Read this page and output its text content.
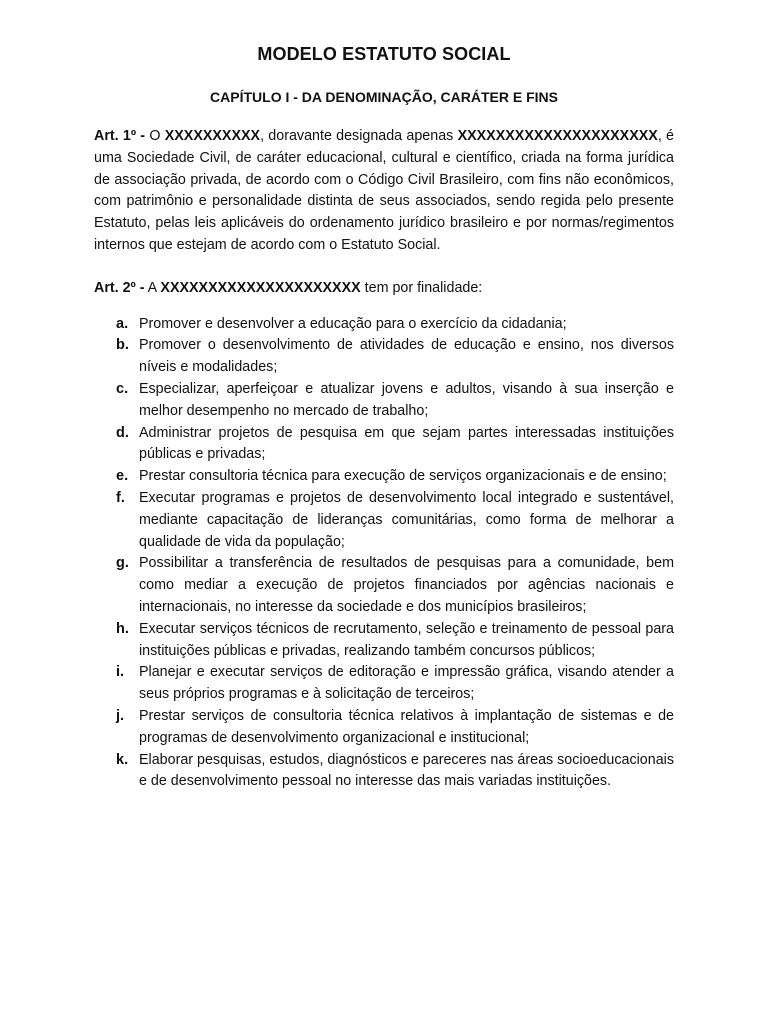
MODELO ESTATUTO SOCIAL
CAPÍTULO I - DA DENOMINAÇÃO, CARÁTER E FINS

Art. 1º - O XXXXXXXXXX, doravante designada apenas XXXXXXXXXXXXXXXXXXXXX, é uma Sociedade Civil, de caráter educacional, cultural e científico, criada na forma jurídica de associação privada, de acordo com o Código Civil Brasileiro, com fins não econômicos, com patrimônio e personalidade distinta de seus associados, sendo regida pelo presente Estatuto, pelas leis aplicáveis do ordenamento jurídico brasileiro e por normas/regimentos internos que estejam de acordo com o Estatuto Social.

Art. 2º - A XXXXXXXXXXXXXXXXXXXXX tem por finalidade:

a. Promover e desenvolver a educação para o exercício da cidadania;
b. Promover o desenvolvimento de atividades de educação e ensino, nos diversos níveis e modalidades;
c. Especializar, aperfeiçoar e atualizar jovens e adultos, visando à sua inserção e melhor desempenho no mercado de trabalho;
d. Administrar projetos de pesquisa em que sejam partes interessadas instituições públicas e privadas;
e. Prestar consultoria técnica para execução de serviços organizacionais e de ensino;
f. Executar programas e projetos de desenvolvimento local integrado e sustentável, mediante capacitação de lideranças comunitárias, como forma de melhorar a qualidade de vida da população;
g. Possibilitar a transferência de resultados de pesquisas para a comunidade, bem como mediar a execução de projetos financiados por agências nacionais e internacionais, no interesse da sociedade e dos municípios brasileiros;
h. Executar serviços técnicos de recrutamento, seleção e treinamento de pessoal para instituições públicas e privadas, realizando também concursos públicos;
i. Planejar e executar serviços de editoração e impressão gráfica, visando atender a seus próprios programas e à solicitação de terceiros;
j. Prestar serviços de consultoria técnica relativos à implantação de sistemas e de programas de desenvolvimento organizacional e institucional;
k. Elaborar pesquisas, estudos, diagnósticos e pareceres nas áreas socioeducacionais e de desenvolvimento pessoal no interesse das mais variadas instituições.
